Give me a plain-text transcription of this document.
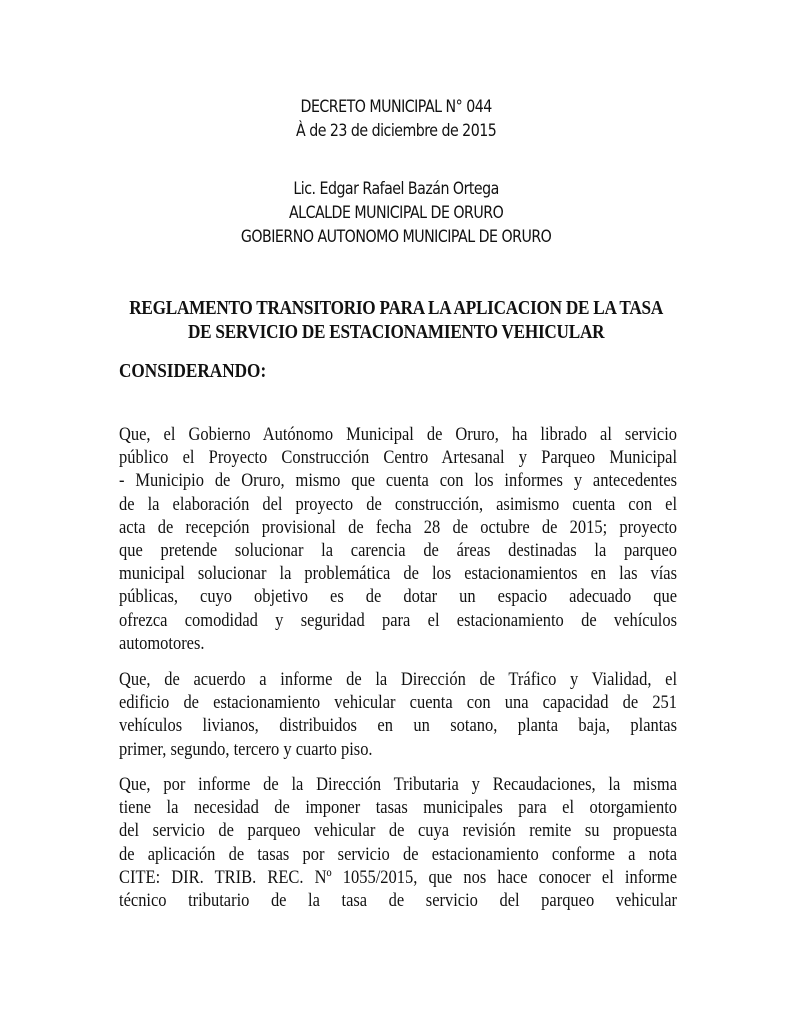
DECRETO MUNICIPAL N° 044
À de 23 de diciembre de 2015
Lic. Edgar Rafael Bazán Ortega
ALCALDE MUNICIPAL DE ORURO
GOBIERNO AUTONOMO MUNICIPAL DE ORURO
REGLAMENTO TRANSITORIO PARA LA APLICACION DE LA TASA
DE SERVICIO DE ESTACIONAMIENTO VEHICULAR
CONSIDERANDO:
Que, el Gobierno Autónomo Municipal de Oruro, ha librado al servicio
público el Proyecto Construcción Centro Artesanal y Parqueo Municipal
- Municipio de Oruro, mismo que cuenta con los informes y antecedentes
de la elaboración del proyecto de construcción, asimismo cuenta con el
acta de recepción provisional de fecha 28 de octubre de 2015; proyecto
que pretende solucionar la carencia de áreas destinadas la parqueo
municipal solucionar la problemática de los estacionamientos en las vías
públicas, cuyo objetivo es de dotar un espacio adecuado que
ofrezca comodidad y seguridad para el estacionamiento de vehículos
automotores.
Que, de acuerdo a informe de la Dirección de Tráfico y Vialidad, el
edificio de estacionamiento vehicular cuenta con una capacidad de 251
vehículos livianos, distribuidos en un sotano, planta baja, plantas
primer, segundo, tercero y cuarto piso.
Que, por informe de la Dirección Tributaria y Recaudaciones, la misma
tiene la necesidad de imponer tasas municipales para el otorgamiento
del servicio de parqueo vehicular de cuya revisión remite su propuesta
de aplicación de tasas por servicio de estacionamiento conforme a nota
CITE: DIR. TRIB. REC. Nº 1055/2015, que nos hace conocer el informe
técnico tributario de la tasa de servicio del parqueo vehicular
